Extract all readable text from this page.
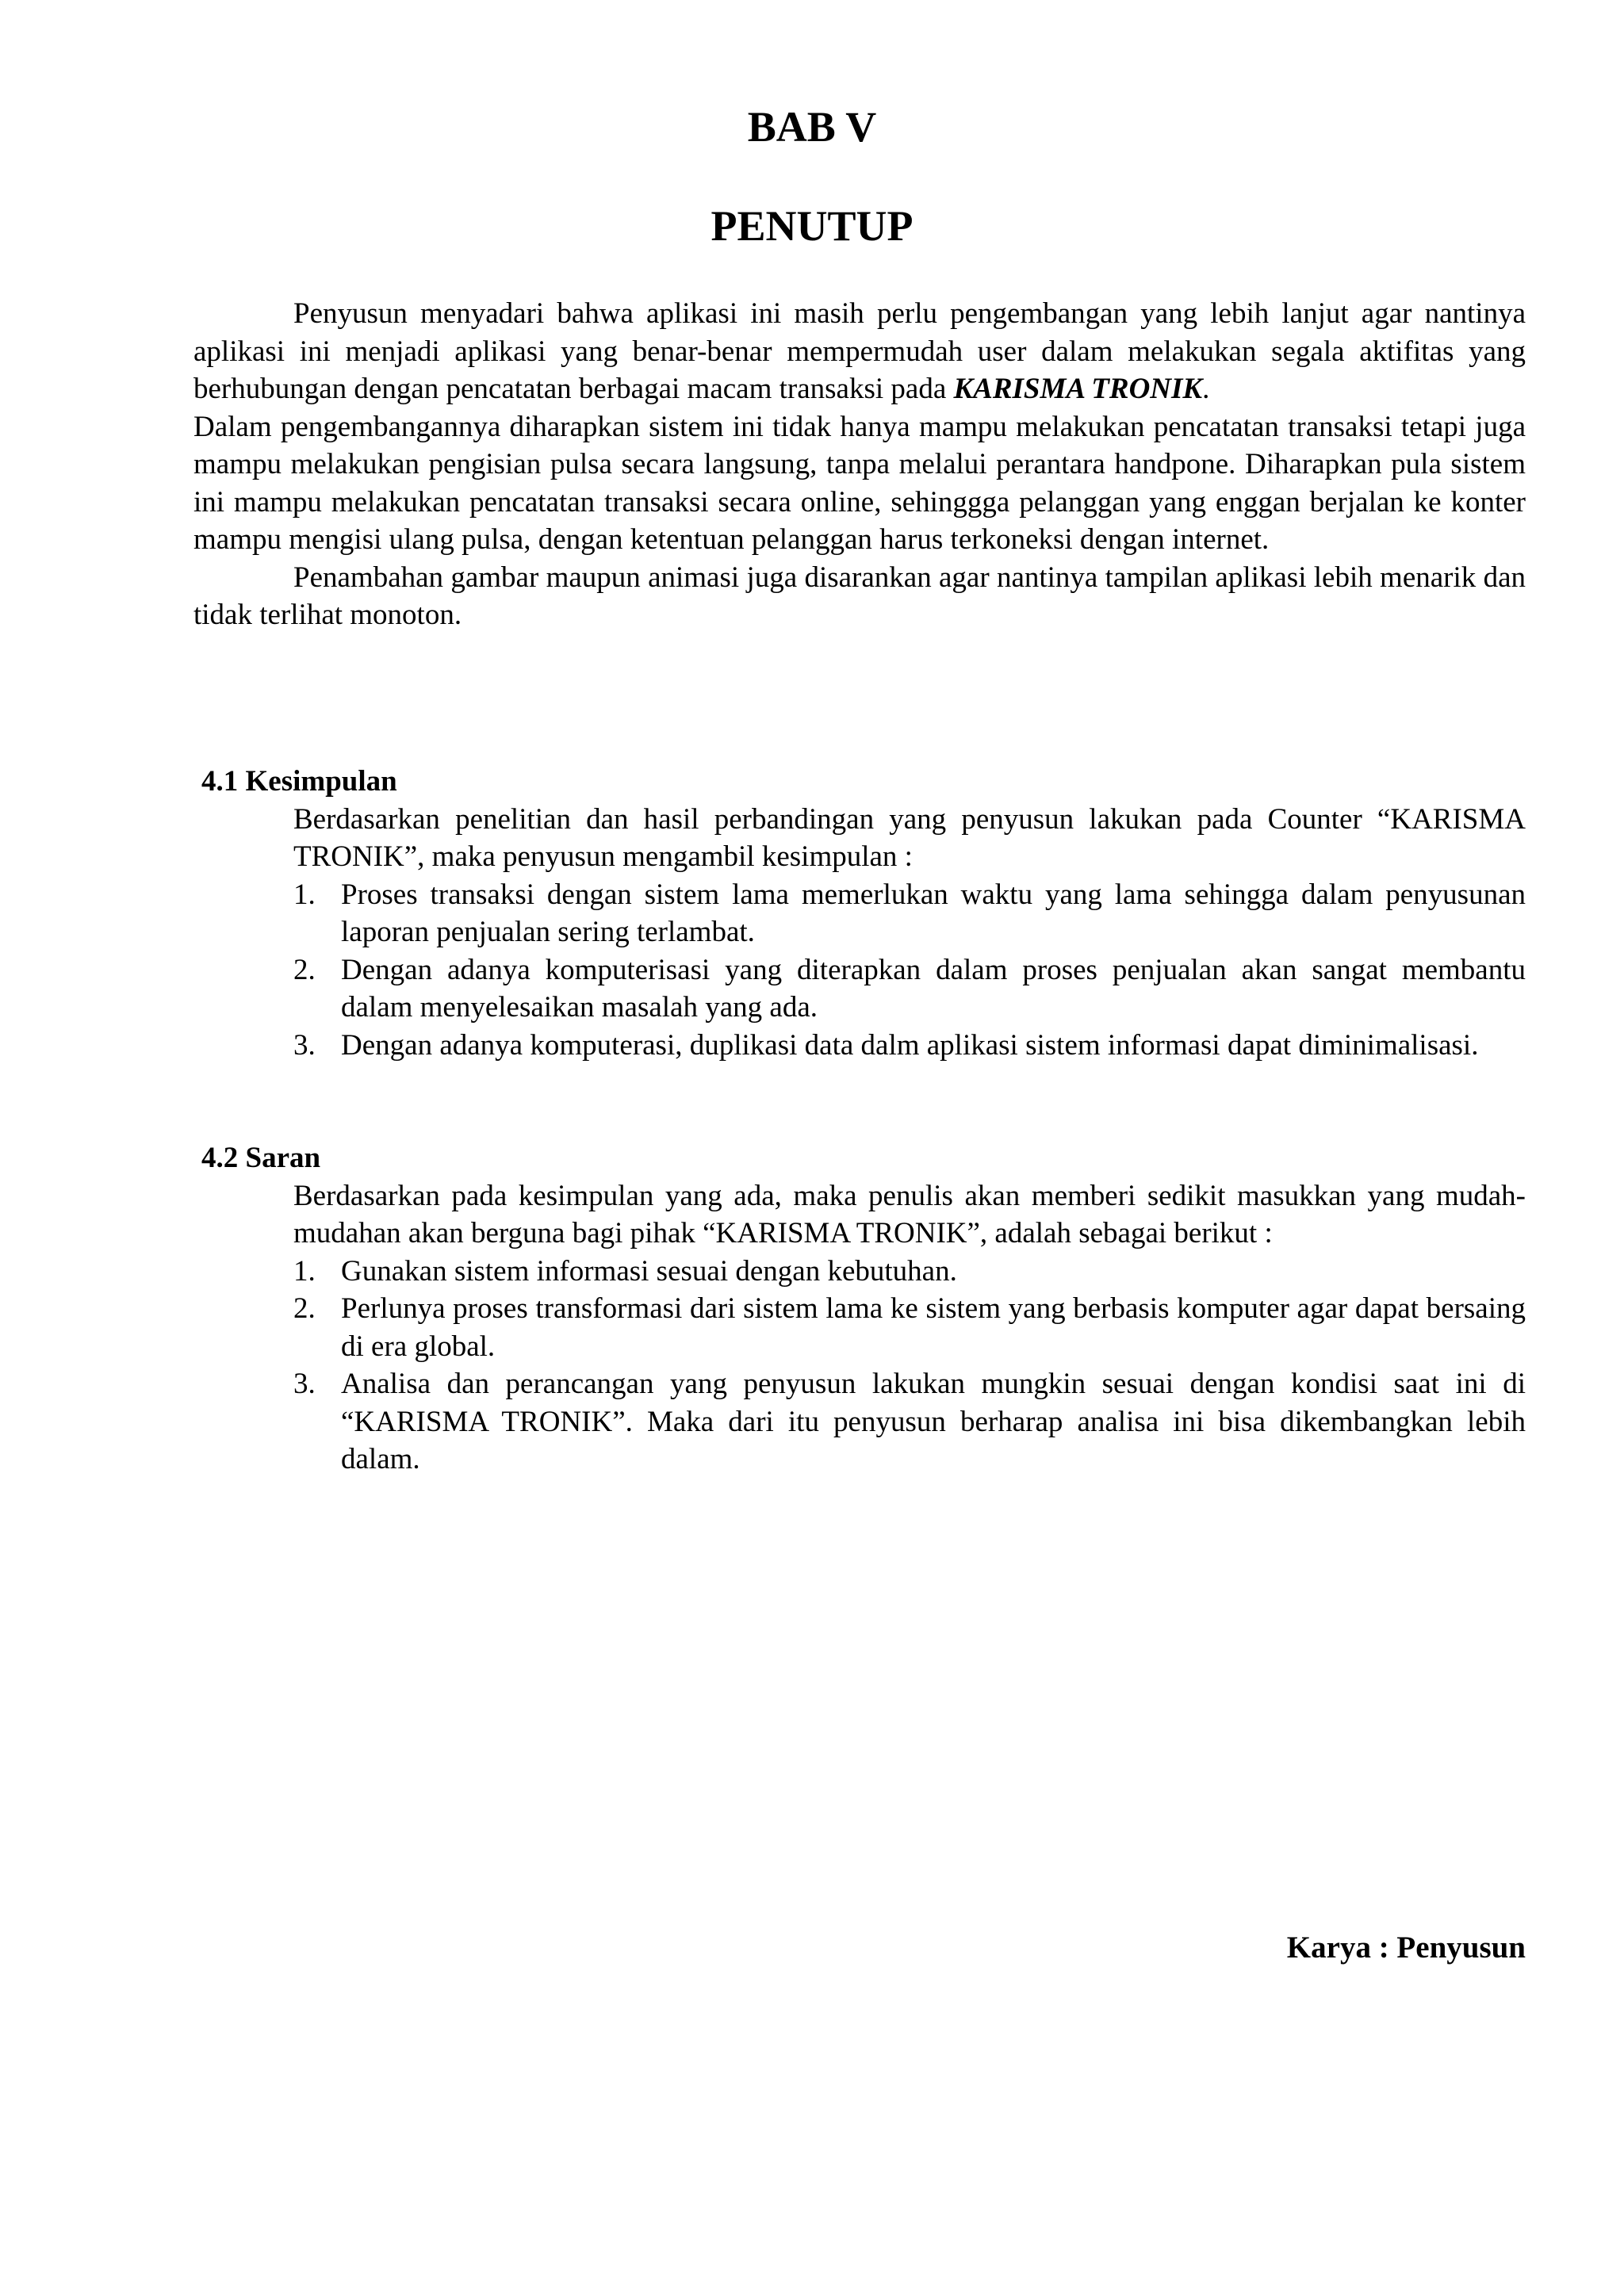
BAB V
PENUTUP

Penyusun menyadari bahwa aplikasi ini masih perlu pengembangan yang lebih lanjut agar nantinya aplikasi ini menjadi aplikasi yang benar-benar mempermudah user dalam melakukan segala aktifitas yang berhubungan dengan pencatatan berbagai macam transaksi pada KARISMA TRONIK.

Dalam pengembangannya diharapkan sistem ini tidak hanya mampu melakukan pencatatan transaksi tetapi juga mampu melakukan pengisian pulsa secara langsung, tanpa melalui perantara handpone. Diharapkan pula sistem ini mampu melakukan pencatatan transaksi secara online, sehinggga pelanggan yang enggan berjalan ke konter mampu mengisi ulang pulsa, dengan ketentuan pelanggan harus terkoneksi dengan internet.

Penambahan gambar maupun animasi juga disarankan agar nantinya tampilan aplikasi lebih menarik dan tidak terlihat monoton.

4.1 Kesimpulan

Berdasarkan penelitian dan hasil perbandingan yang penyusun lakukan pada Counter “KARISMA TRONIK”, maka penyusun mengambil kesimpulan :

1. Proses transaksi dengan sistem lama memerlukan waktu yang lama sehingga dalam penyusunan laporan penjualan sering terlambat.
2. Dengan adanya komputerisasi yang diterapkan dalam proses penjualan akan sangat membantu dalam menyelesaikan masalah yang ada.
3. Dengan adanya komputerasi, duplikasi data dalm aplikasi sistem informasi dapat diminimalisasi.
4.2 Saran

Berdasarkan pada kesimpulan yang ada, maka penulis akan memberi sedikit masukkan yang mudah-mudahan akan berguna bagi pihak “KARISMA TRONIK”, adalah sebagai berikut :

1. Gunakan sistem informasi sesuai dengan kebutuhan.
2. Perlunya proses transformasi dari sistem lama ke sistem yang berbasis komputer agar dapat bersaing di era global.
3. Analisa dan perancangan yang penyusun lakukan mungkin sesuai dengan kondisi saat ini di “KARISMA TRONIK”. Maka dari itu penyusun berharap analisa ini bisa dikembangkan lebih dalam.

Karya : Penyusun
